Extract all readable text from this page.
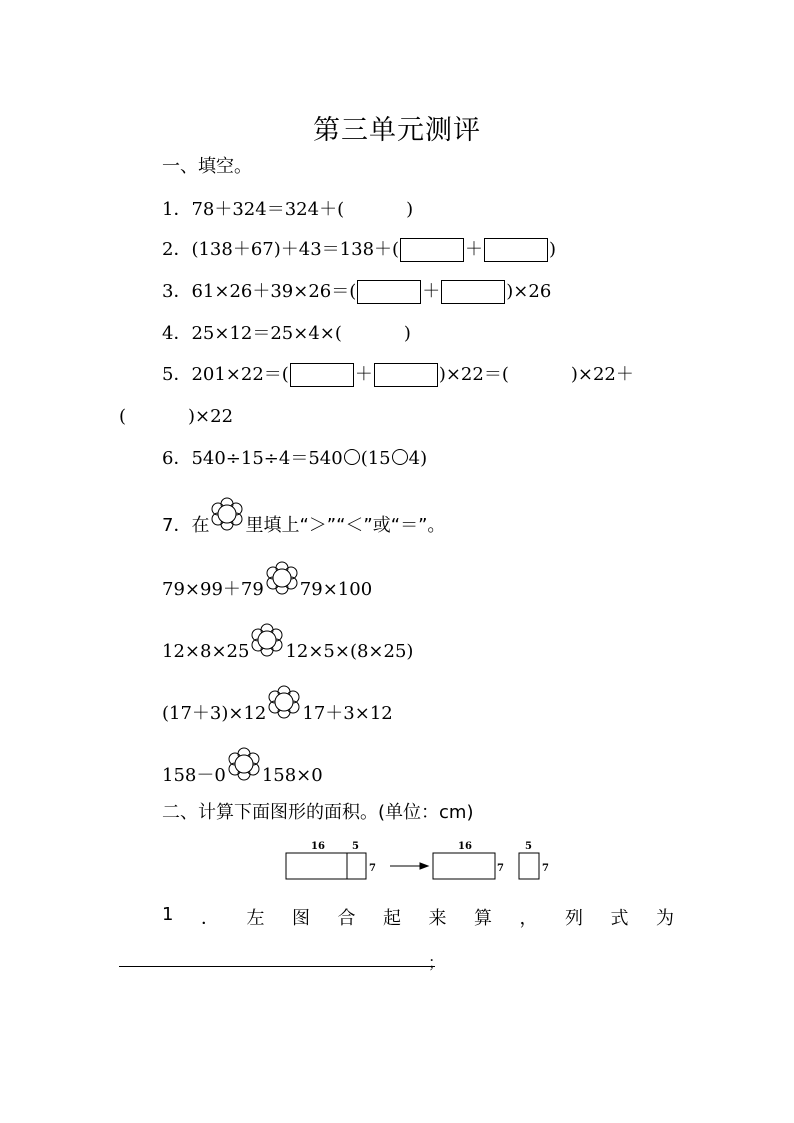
第三单元测评
一、填空。
1．78＋324＝324＋(	)
2．(138＋67)＋43＝138＋(	＋	)
3．61×26＋39×26＝(	＋	)×26
4．25×12＝25×4×(	)
5．201×22＝(	＋	)×22＝(	)×22＋
(	)×22
6．540÷15÷4＝540 (15 4)
7．在 里填上“＞”“＜”或“＝”。
79×99＋79 79×100
12×8×25 12×5×(8×25)
(17＋3)×12 17＋3×12
158－0 158×0
二、计算下面图形的面积。(单位：cm)
16	5
7
16
7
5
7
1 ． 左 图 合 起 来 算 ， 列 式 为
；
